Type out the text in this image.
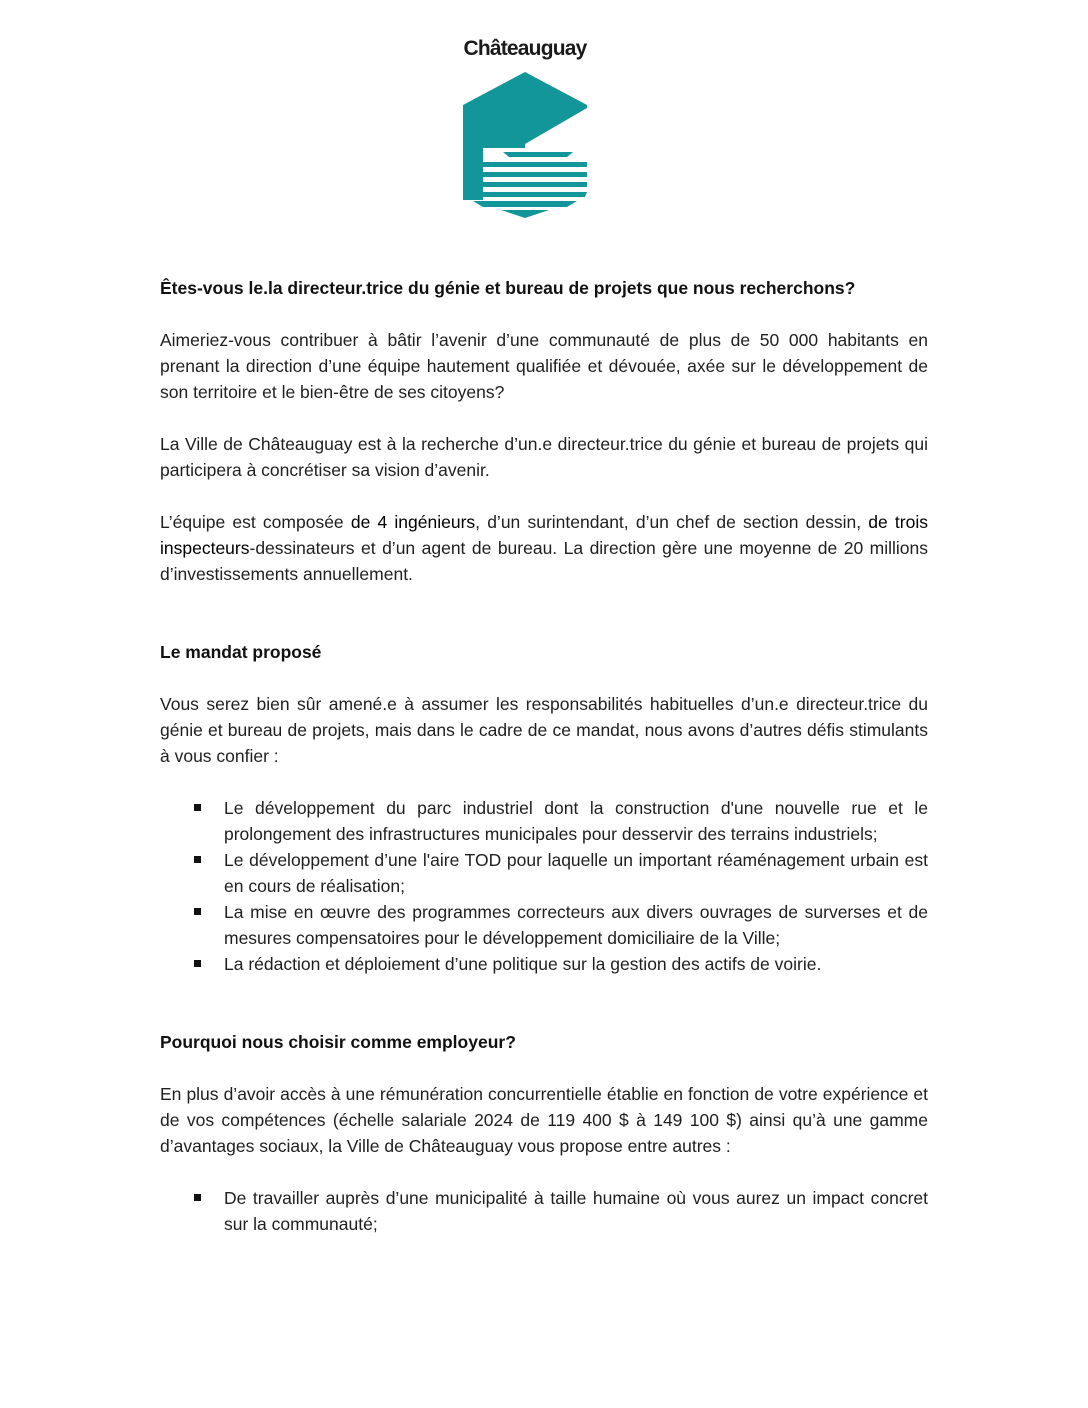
Châteauguay

Êtes-vous le.la directeur.trice du génie et bureau de projets que nous recherchons?

Aimeriez-vous contribuer à bâtir l’avenir d’une communauté de plus de 50 000 habitants en prenant la direction d’une équipe hautement qualifiée et dévouée, axée sur le développement de son territoire et le bien-être de ses citoyens?

La Ville de Châteauguay est à la recherche d’un.e directeur.trice du génie et bureau de projets qui participera à concrétiser sa vision d’avenir.

L’équipe est composée de 4 ingénieurs, d’un surintendant, d’un chef de section dessin, de trois inspecteurs-dessinateurs et d’un agent de bureau. La direction gère une moyenne de 20 millions d’investissements annuellement.

Le mandat proposé

Vous serez bien sûr amené.e à assumer les responsabilités habituelles d’un.e directeur.trice du génie et bureau de projets, mais dans le cadre de ce mandat, nous avons d’autres défis stimulants à vous confier :

Le développement du parc industriel dont la construction d'une nouvelle rue et le prolongement des infrastructures municipales pour desservir des terrains industriels;
Le développement d’une l'aire TOD pour laquelle un important réaménagement urbain est en cours de réalisation;
La mise en œuvre des programmes correcteurs aux divers ouvrages de surverses et de mesures compensatoires pour le développement domiciliaire de la Ville;
La rédaction et déploiement d’une politique sur la gestion des actifs de voirie.

Pourquoi nous choisir comme employeur?

En plus d’avoir accès à une rémunération concurrentielle établie en fonction de votre expérience et de vos compétences (échelle salariale 2024 de 119 400 $ à 149 100 $) ainsi qu’à une gamme d’avantages sociaux, la Ville de Châteauguay vous propose entre autres :

De travailler auprès d’une municipalité à taille humaine où vous aurez un impact concret sur la communauté;
